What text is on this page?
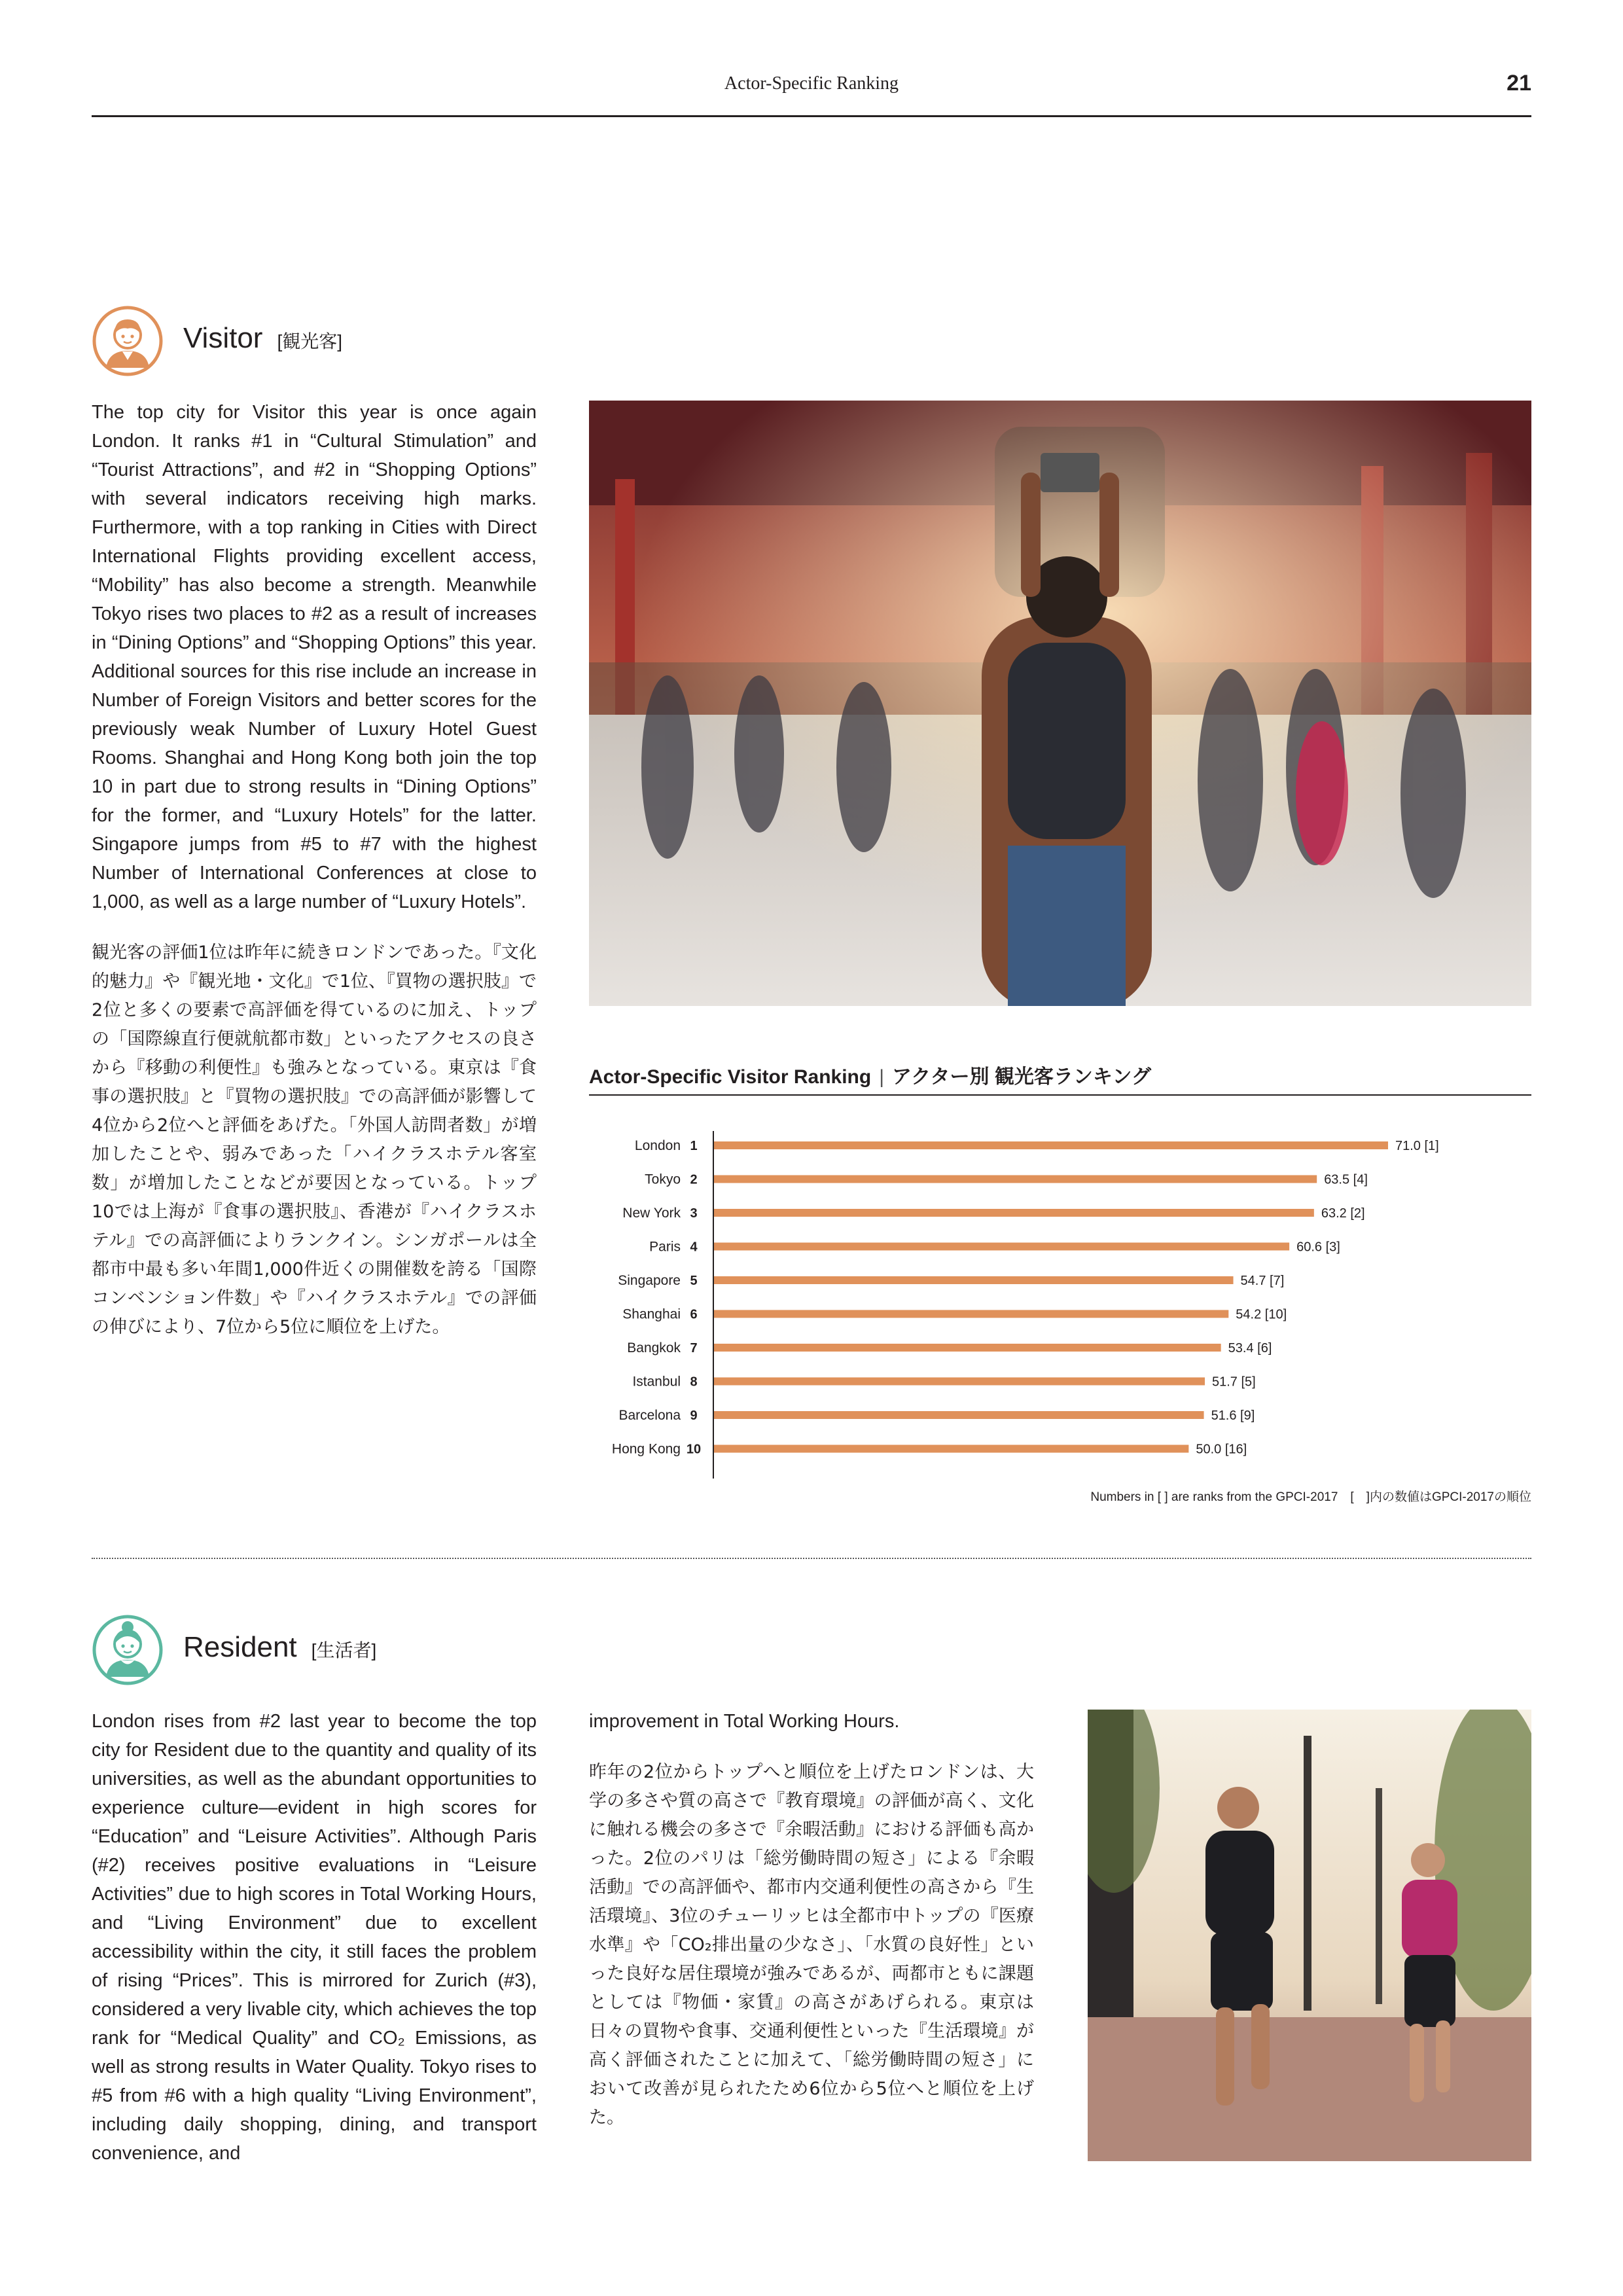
Actor-Specific Ranking	21
Visitor [観光客]

The top city for Visitor this year is once again London. It ranks #1 in “Cultural Stimulation” and “Tourist Attractions”, and #2 in “Shopping Options” with several indicators receiving high marks. Furthermore, with a top ranking in Cities with Direct International Flights providing excellent access, “Mobility” has also become a strength. Meanwhile Tokyo rises two places to #2 as a result of increases in “Dining Options” and “Shopping Options” this year. Additional sources for this rise include an increase in Number of Foreign Visitors and better scores for the previously weak Number of Luxury Hotel Guest Rooms. Shanghai and Hong Kong both join the top 10 in part due to strong results in “Dining Options” for the former, and “Luxury Hotels” for the latter. Singapore jumps from #5 to #7 with the highest Number of International Conferences at close to 1,000, as well as a large number of “Luxury Hotels”.

観光客の評価1位は昨年に続きロンドンであった。『文化的魅力』や『観光地・文化』で1位、『買物の選択肢』で2位と多くの要素で高評価を得ているのに加え、トップの「国際線直行便就航都市数」といったアクセスの良さから『移動の利便性』も強みとなっている。東京は『食事の選択肢』と『買物の選択肢』での高評価が影響して4位から2位へと評価をあげた。「外国人訪問者数」が増加したことや、弱みであった「ハイクラスホテル客室数」が増加したことなどが要因となっている。トップ10では上海が『食事の選択肢』、香港が『ハイクラスホテル』での高評価によりランクイン。シンガポールは全都市中最も多い年間1,000件近くの開催数を誇る「国際コンベンション件数」や『ハイクラスホテル』での評価の伸びにより、7位から5位に順位を上げた。

Actor-Specific Visitor Ranking | アクター別 観光客ランキング
London 1	71.0 [1]
Tokyo 2	63.5 [4]
New York 3	63.2 [2]
Paris 4	60.6 [3]
Singapore 5	54.7 [7]
Shanghai 6	54.2 [10]
Bangkok 7	53.4 [6]
Istanbul 8	51.7 [5]
Barcelona 9	51.6 [9]
Hong Kong 10	50.0 [16]
Numbers in [ ] are ranks from the GPCI-2017　[　]内の数値はGPCI-2017の順位
Resident [生活者]

London rises from #2 last year to become the top city for Resident due to the quantity and quality of its universities, as well as the abundant opportunities to experience culture—evident in high scores for “Education” and “Leisure Activities”. Although Paris (#2) receives positive evaluations in “Leisure Activities” due to high scores in Total Working Hours, and “Living Environment” due to excellent accessibility within the city, it still faces the problem of rising “Prices”. This is mirrored for Zurich (#3), considered a very livable city, which achieves the top rank for “Medical Quality” and CO₂ Emissions, as well as strong results in Water Quality. Tokyo rises to #5 from #6 with a high quality “Living Environment”, including daily shopping, dining, and transport convenience, and

improvement in Total Working Hours.

昨年の2位からトップへと順位を上げたロンドンは、大学の多さや質の高さで『教育環境』の評価が高く、文化に触れる機会の多さで『余暇活動』における評価も高かった。2位のパリは「総労働時間の短さ」による『余暇活動』での高評価や、都市内交通利便性の高さから『生活環境』、3位のチューリッヒは全都市中トップの『医療水準』や「CO₂排出量の少なさ」、「水質の良好性」といった良好な居住環境が強みであるが、両都市ともに課題としては『物価・家賃』の高さがあげられる。東京は日々の買物や食事、交通利便性といった『生活環境』が高く評価されたことに加えて、「総労働時間の短さ」において改善が見られたため6位から5位へと順位を上げた。
